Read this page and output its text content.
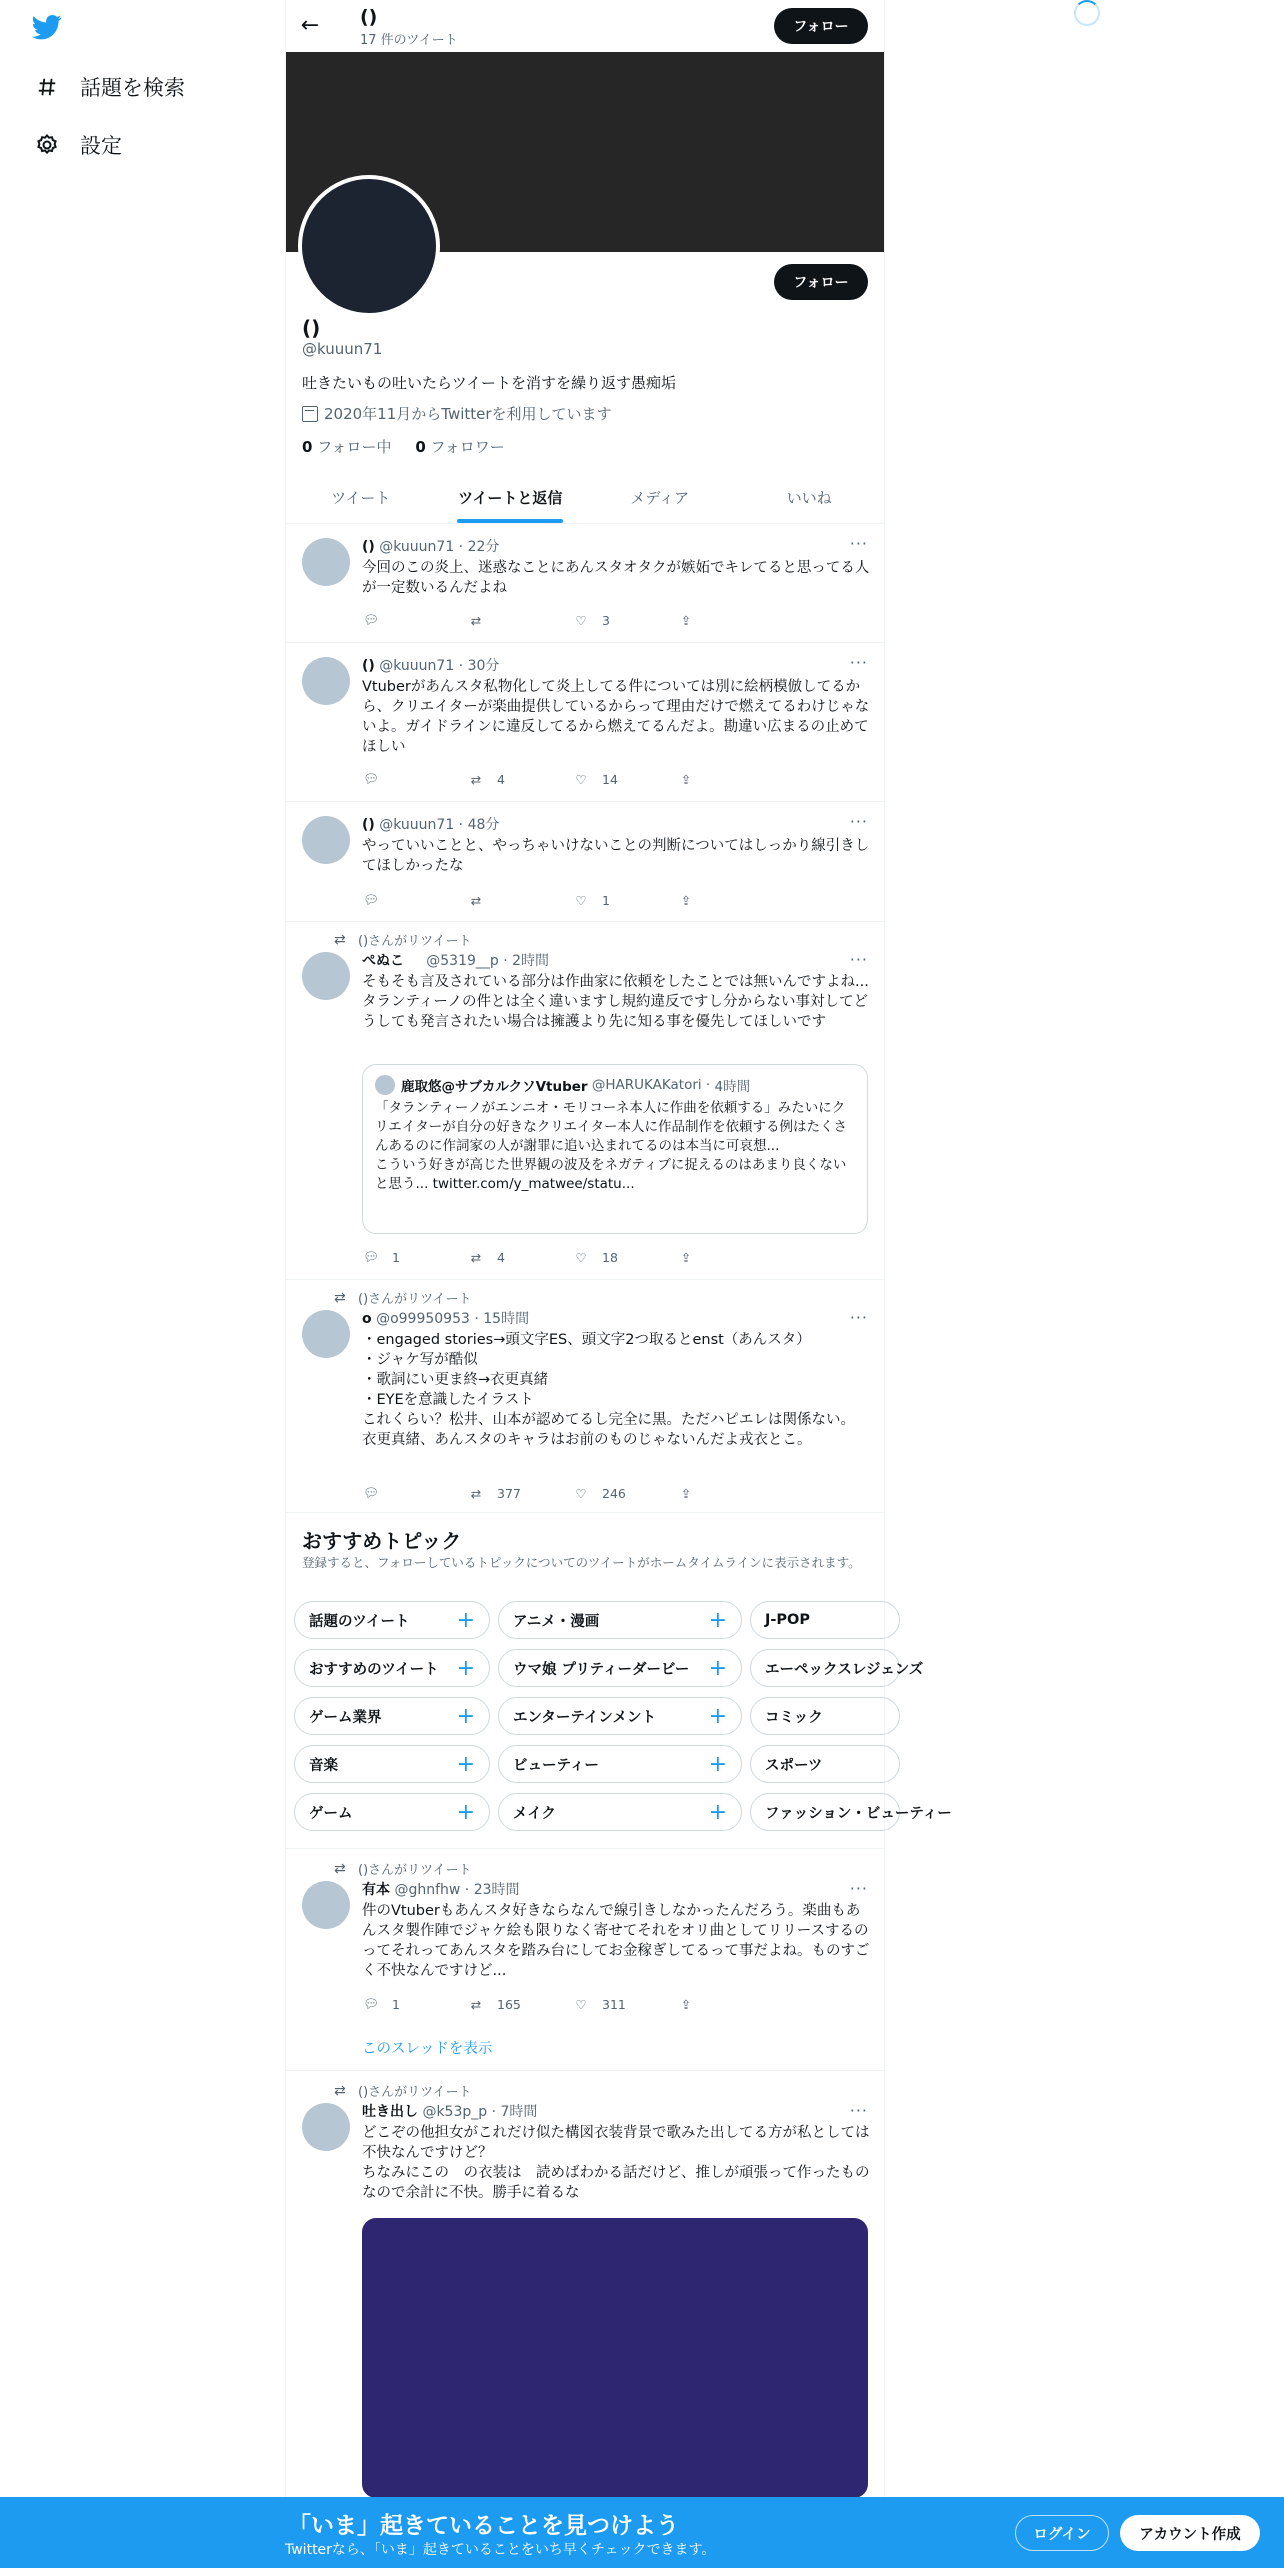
話題を検索
設定
← ()
17 件のツイート
フォロー
フォロー
()
@kuuun71
吐きたいもの吐いたらツイートを消すを繰り返す愚痴垢
2020年11月からTwitterを利用しています
0 フォロー中 0 フォロワー
ツイート	ツイートと返信	メディア	いいね
···
() @kuuun71 · 22分
今回のこの炎上、迷惑なことにあんスタオタクが嫉妬でキレてると思ってる人が一定数いるんだよね
💬︎	⇄	♡ 3	⇪
···
() @kuuun71 · 30分
Vtuberがあんスタ私物化して炎上してる件については別に絵柄模倣してるから、クリエイターが楽曲提供しているからって理由だけで燃えてるわけじゃないよ。ガイドラインに違反してるから燃えてるんだよ。勘違い広まるの止めてほしい
💬︎	⇄	4	♡ 14	⇪
···
() @kuuun71 · 48分
やっていいことと、やっちゃいけないことの判断についてはしっかり線引きしてほしかったな
💬︎	⇄	♡ 1	⇪
⇄ ()さんがリツイート
···
ぺぬこ @5319__p · 2時間
そもそも言及されている部分は作曲家に依頼をしたことでは無いんですよね...タランティーノの件とは全く違いますし規約違反ですし分からない事対してどうしても発言されたい場合は擁護より先に知る事を優先してほしいです
鹿取悠@サブカルクソVtuber
@HARUKAKatori · 4時間
「タランティーノがエンニオ・モリコーネ本人に作曲を依頼する」みたいにクリエイターが自分の好きなクリエイター本人に作品制作を依頼する例はたくさんあるのに作詞家の人が謝罪に追い込まれてるのは本当に可哀想...
こういう好きが高じた世界観の波及をネガティブに捉えるのはあまり良くないと思う... twitter.com/y_matwee/statu...
💬︎ 1	⇄	4	♡ 18	⇪
⇄ ()さんがリツイート
···
o @o99950953 · 15時間
・engaged stories→頭文字ES、頭文字2つ取るとenst（あんスタ）
・ジャケ写が酷似
・歌詞にい更ま終→衣更真緒
・EYEを意識したイラスト
これくらい？松井、山本が認めてるし完全に黒。ただハピエレは関係ない。
衣更真緒、あんスタのキャラはお前のものじゃないんだよ戎衣とこ。
💬︎	⇄	377	♡ 246	⇪
おすすめトピック
登録すると、フォローしているトピックについてのツイートがホームタイムラインに表示されます。
話題のツイート +	アニメ・漫画	+	J-POP
おすすめのツイート +	ウマ娘 プリティーダービー +	エーペックスレジェンズ
ゲーム業界	+	エンターテインメント +	コミック
音楽	+	ビューティー	+	スポーツ
ゲーム	+	メイク	+	ファッション・ビューティー
⇄ ()さんがリツイート
···
有本 @ghnfhw · 23時間
件のVtuberもあんスタ好きならなんで線引きしなかったんだろう。楽曲もあんスタ製作陣でジャケ絵も限りなく寄せてそれをオリ曲としてリリースするのってそれってあんスタを踏み台にしてお金稼ぎしてるって事だよね。ものすごく不快なんですけど...
💬︎ 1	⇄	165	♡ 311	⇪
このスレッドを表示
⇄ ()さんがリツイート
···
吐き出し @k53p_p · 7時間
どこぞの他担女がこれだけ似た構図衣装背景で歌みた出してる方が私としては不快なんですけど？
ちなみにこの　の衣装は　読めばわかる話だけど、推しが頑張って作ったものなので余計に不快。勝手に着るな
「いま」起きていることを見つけよう
Twitterなら、「いま」起きていることをいち早くチェックできます。
ログイン	アカウント作成
